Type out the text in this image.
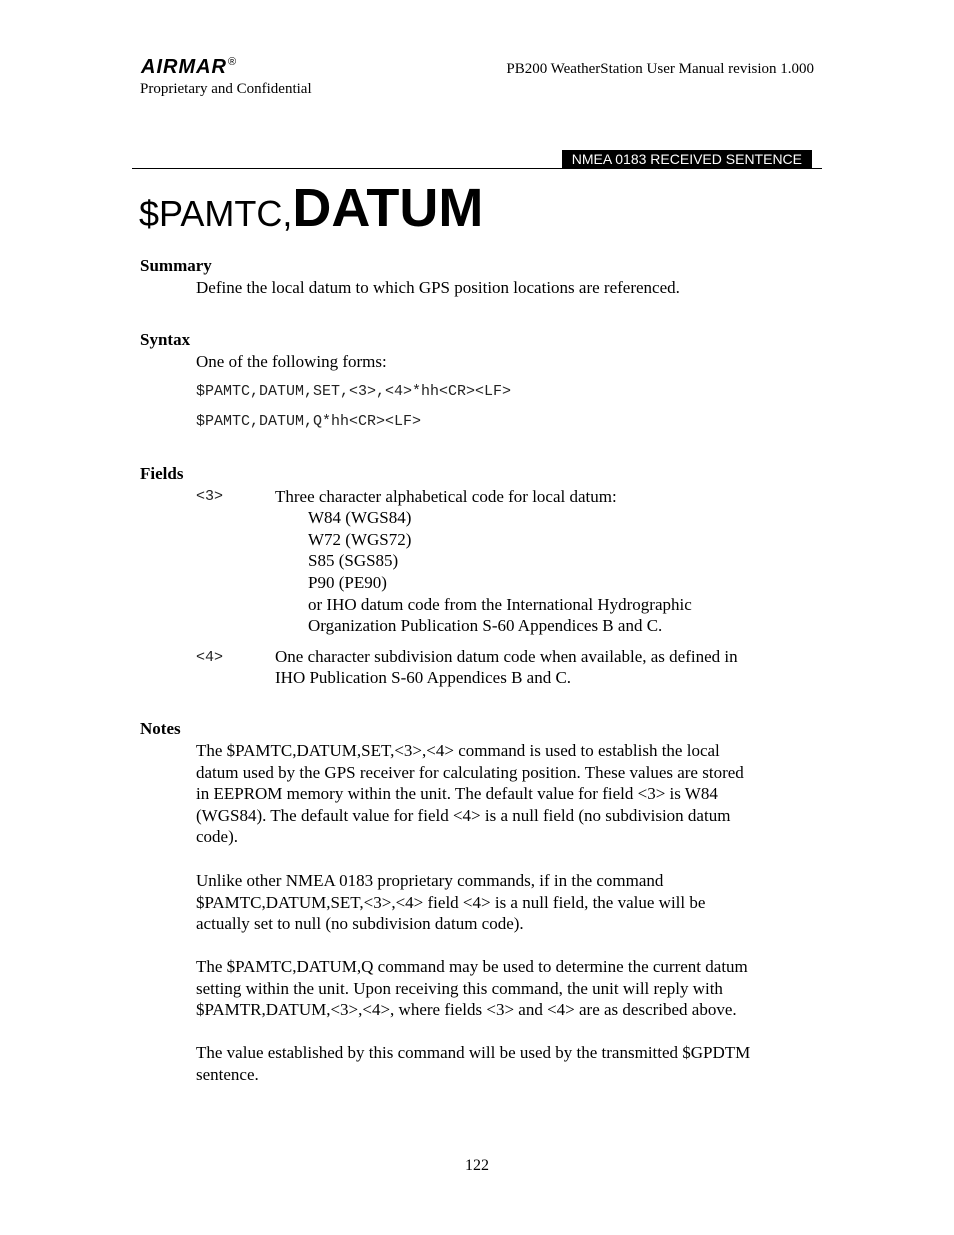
AIRMAR®
Proprietary and Confidential
PB200 WeatherStation User Manual revision 1.000
NMEA 0183 RECEIVED SENTENCE
$PAMTC,DATUM
Summary
Define the local datum to which GPS position locations are referenced.
Syntax
One of the following forms:
$PAMTC,DATUM,SET,<3>,<4>*hh<CR><LF>
$PAMTC,DATUM,Q*hh<CR><LF>
Fields
<3>	Three character alphabetical code for local datum:
W84 (WGS84)
W72 (WGS72)
S85 (SGS85)
P90 (PE90)
or IHO datum code from the International Hydrographic
Organization Publication S-60 Appendices B and C.
<4>	One character subdivision datum code when available, as defined in
IHO Publication S-60 Appendices B and C.
Notes
The $PAMTC,DATUM,SET,<3>,<4> command is used to establish the local
datum used by the GPS receiver for calculating position. These values are stored
in EEPROM memory within the unit. The default value for field <3> is W84
(WGS84). The default value for field <4> is a null field (no subdivision datum
code).
Unlike other NMEA 0183 proprietary commands, if in the command
$PAMTC,DATUM,SET,<3>,<4> field <4> is a null field, the value will be
actually set to null (no subdivision datum code).
The $PAMTC,DATUM,Q command may be used to determine the current datum
setting within the unit. Upon receiving this command, the unit will reply with
$PAMTR,DATUM,<3>,<4>, where fields <3> and <4> are as described above.
The value established by this command will be used by the transmitted $GPDTM
sentence.
122
